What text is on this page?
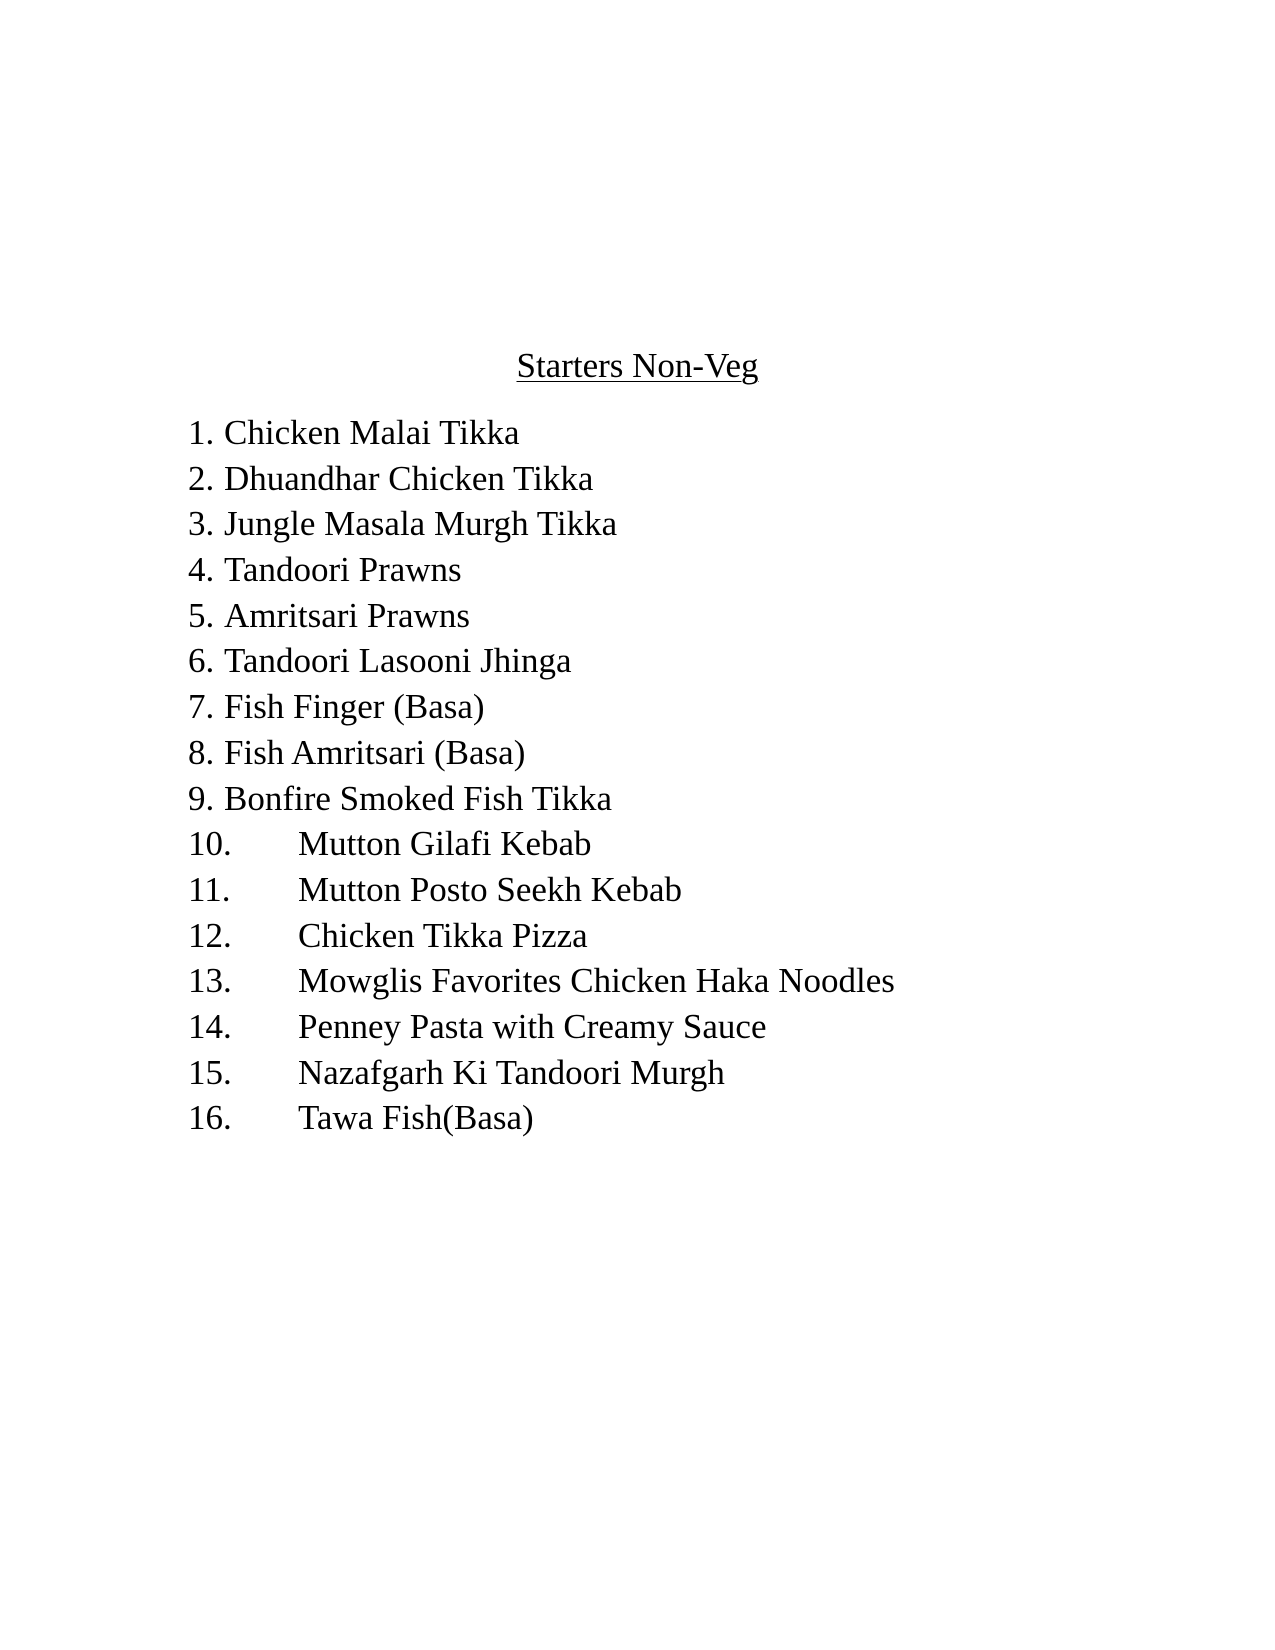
Starters Non-Veg
1. Chicken Malai Tikka
2. Dhuandhar Chicken Tikka
3. Jungle Masala Murgh Tikka
4. Tandoori Prawns
5. Amritsari Prawns
6. Tandoori Lasooni Jhinga
7. Fish Finger (Basa)
8. Fish Amritsari (Basa)
9. Bonfire Smoked Fish Tikka
10.	Mutton Gilafi Kebab
11.	Mutton Posto Seekh Kebab
12.	Chicken Tikka Pizza
13.	Mowglis Favorites Chicken Haka Noodles
14.	Penney Pasta with Creamy Sauce
15.	Nazafgarh Ki Tandoori Murgh
16.	Tawa Fish(Basa)
